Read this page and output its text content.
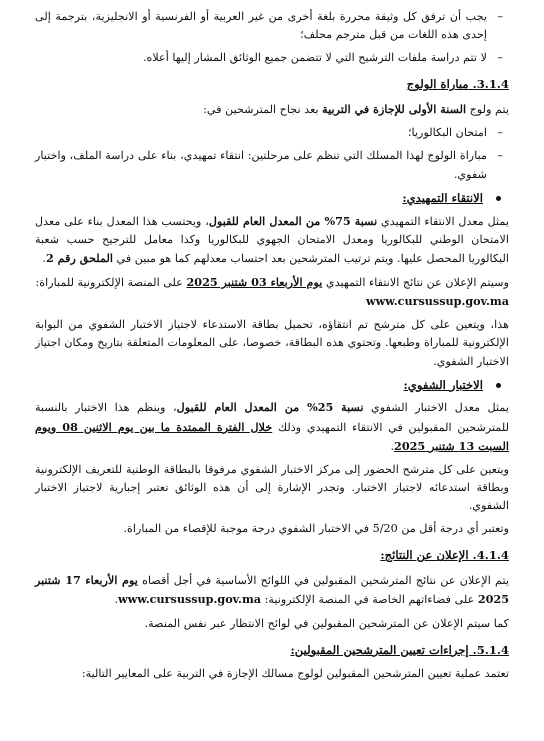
– يجب أن ترفق كل وثيقة محررة بلغة أخرى من غير العربية أو الفرنسية أو الانجليزية، بترجمة إلى إحدى هذه اللغات من قبل مترجم محلف؛
– لا تتم دراسة ملفات الترشيح التي لا تتضمن جميع الوثائق المشار إليها أعلاه.
3.1.4. مباراة الولوج

يتم ولوج السنة الأولى للإجازة في التربية بعد نجاح المترشحين في:

– امتحان البكالوريا؛
– مباراة الولوج لهذا المسلك التي تنظم على مرحلتين: انتقاء تمهيدي، بناء على دراسة الملف، واختبار شفوي.
الانتقاء التمهيدي:

يمثل معدل الانتقاء التمهيدي نسبة 75% من المعدل العام للقبول، ويحتسب هذا المعدل بناء على معدل الامتحان الوطني للبكالوريا ومعدل الامتحان الجهوي للبكالوريا وكذا معامل للترجيح حسب شعبة البكالوريا المحصل عليها. ويتم ترتيب المترشحين بعد احتساب معدلهم كما هو مبين في الملحق رقم 2.

وسيتم الإعلان عن نتائج الانتقاء التمهيدي يوم الأربعاء 03 شتنبر 2025 على المنصة الإلكترونية للمباراة:
www.cursussup.gov.ma

هذا، ويتعين على كل مترشح تم انتقاؤه، تحميل بطاقة الاستدعاء لاجتياز الاختبار الشفوي من البوابة الإلكترونية للمباراة وطبعها. وتحتوي هذه البطاقة، خصوصا، على المعلومات المتعلقة بتاريخ ومكان اجتياز الاختبار الشفوي.

الاختبار الشفوي:

يمثل معدل الاختبار الشفوي نسبة 25% من المعدل العام للقبول، وينظم هذا الاختبار بالنسبة للمترشحين المقبولين في الانتقاء التمهيدي وذلك خلال الفترة الممتدة ما بين يوم الاثنين 08 ويوم السبت 13 شتنبر 2025.

ويتعين على كل مترشح الحضور إلى مركز الاختبار الشفوي مرفوقا بالبطاقة الوطنية للتعريف الإلكترونية وبطاقة استدعائه لاجتياز الاختبار. وتجدر الإشارة إلى أن هذه الوثائق تعتبر إجبارية لاجتياز الاختبار الشفوي.

وتعتبر أي درجة أقل من 5/20 في الاختبار الشفوي درجة موجبة للإقصاء من المباراة.

4.1.4. الإعلان عن النتائج:

يتم الإعلان عن نتائج المترشحين المقبولين في اللوائح الأساسية في أجل أقصاه يوم الأربعاء 17 شتنبر 2025 على فضاءاتهم الخاصة في المنصة الإلكترونية: www.cursussup.gov.ma.

كما سيتم الإعلان عن المترشحين المقبولين في لوائح الانتظار عبر نفس المنصة.

5.1.4. إجراءات تعيين المترشحين المقبولين:

تعتمد عملية تعيين المترشحين المقبولين لولوج مسالك الإجازة في التربية على المعايير التالية:
